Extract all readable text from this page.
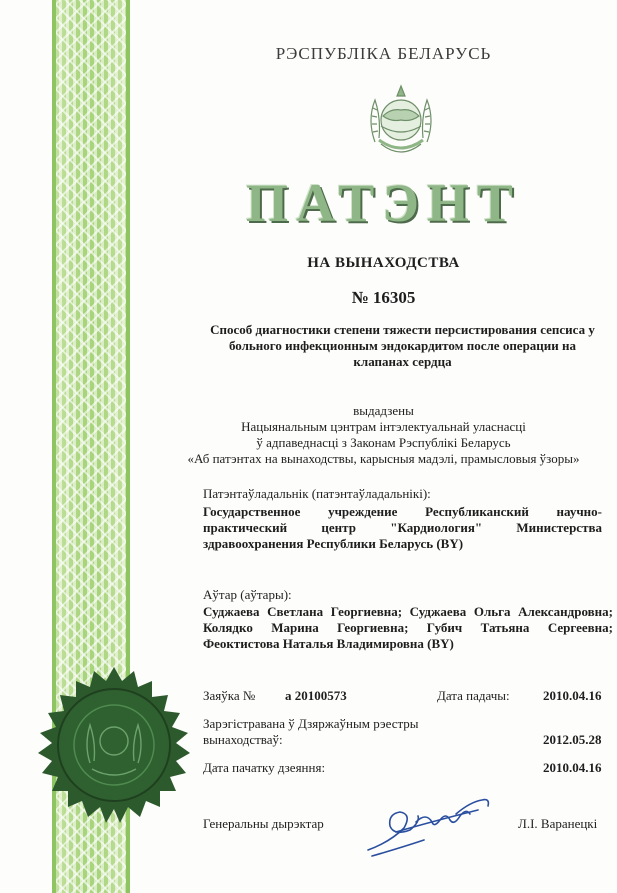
РЭСПУБЛІКА БЕЛАРУСЬ
ПАТЭНТ
НА ВЫНАХОДСТВА
№ 16305
Способ диагностики степени тяжести персистирования сепсиса у больного инфекционным эндокардитом после операции на клапанах сердца
выдадзены
Нацыянальным цэнтрам інтэлектуальнай уласнасці
ў адпаведнасці з Законам Рэспублікі Беларусь
«Аб патэнтах на вынаходствы, карысныя мадэлі, прамысловыя ўзоры»
Патэнтаўладальнік (патэнтаўладальнікі):
Государственное учреждение Республиканский научно-практический центр "Кардиология" Министерства здравоохранения Республики Беларусь (BY)
Аўтар (аўтары):
Суджаева Светлана Георгиевна; Суджаева Ольга Александровна; Колядко Марина Георгиевна; Губич Татьяна Сергеевна; Феоктистова Наталья Владимировна (BY)
Заяўка № a 20100573	Дата падачы:	2010.04.16
Зарэгістравана ў Дзяржаўным рэестры
вынаходстваў:	2012.05.28
Дата пачатку дзеяння:	2010.04.16
Генеральны дырэктар	Л.І. Варанецкі
